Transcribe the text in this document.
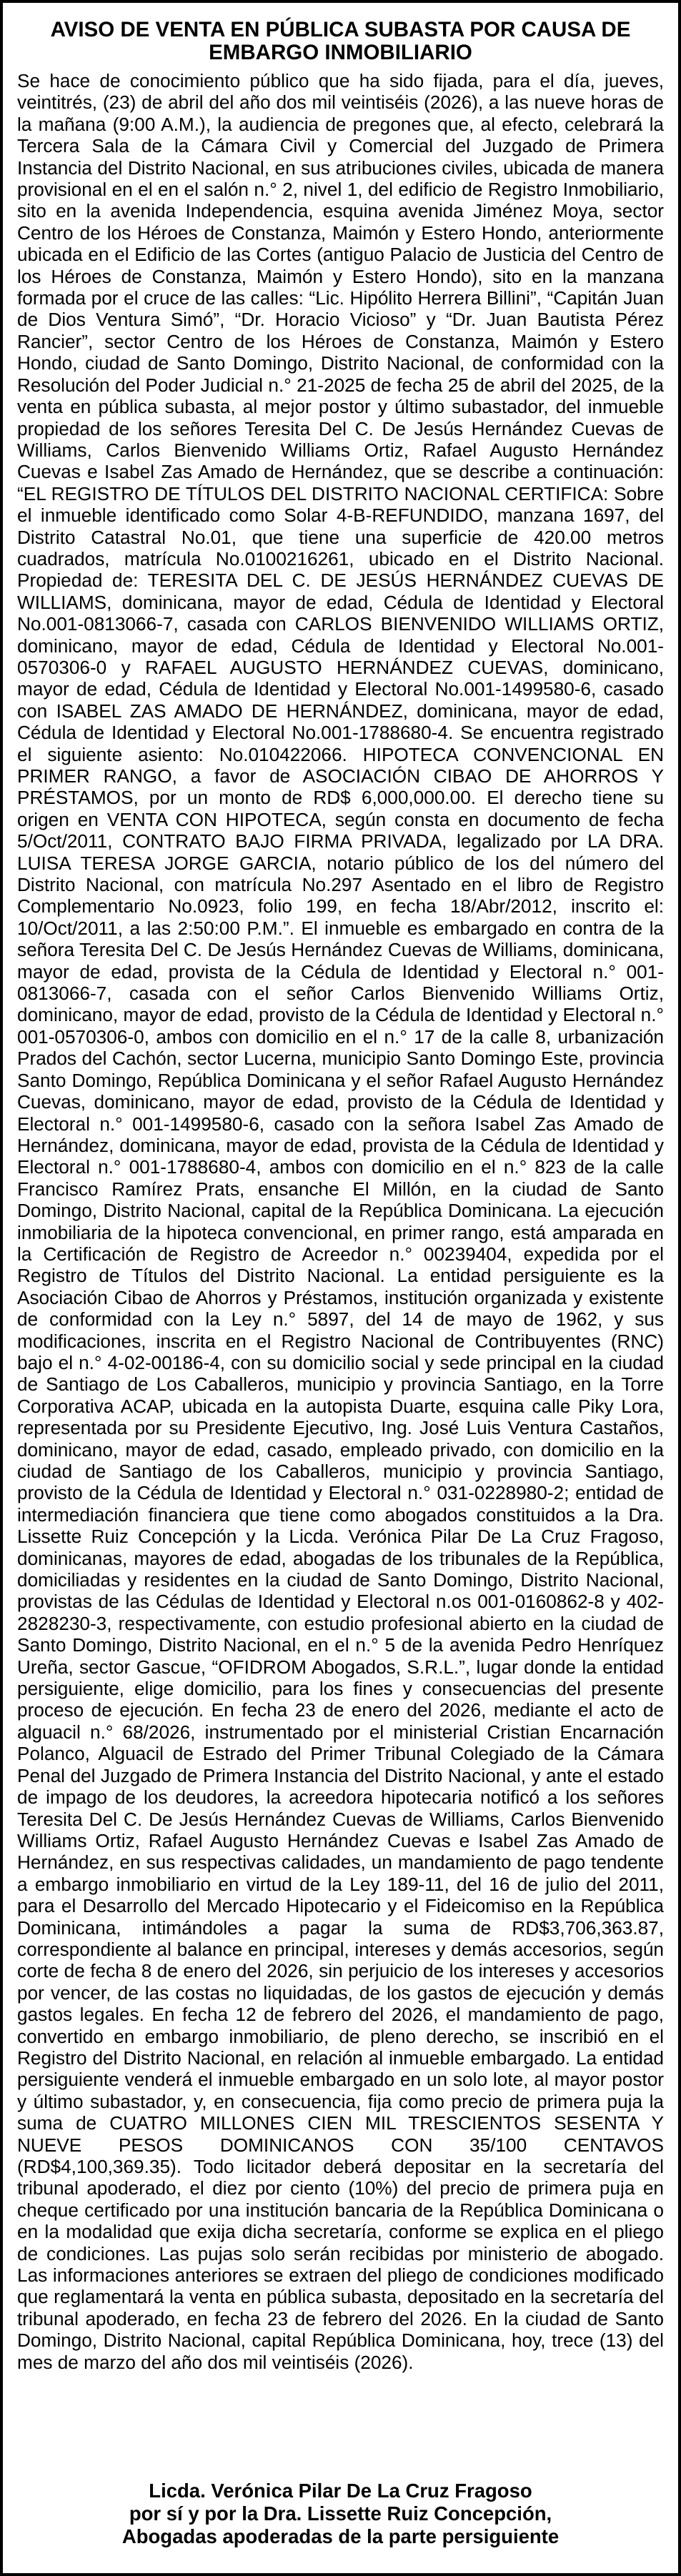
AVISO DE VENTA EN PÚBLICA SUBASTA POR CAUSA DE
EMBARGO INMOBILIARIO

Se hace de conocimiento público que ha sido fijada, para el día, jueves, veintitrés, (23) de abril del año dos mil veintiséis (2026), a las nueve horas de la mañana (9:00 A.M.), la audiencia de pregones que, al efecto, celebrará la Tercera Sala de la Cámara Civil y Comercial del Juzgado de Primera Instancia del Distrito Nacional, en sus atribuciones civiles, ubicada de manera provisional en el en el salón n.° 2, nivel 1, del edificio de Registro Inmobiliario, sito en la avenida Independencia, esquina avenida Jiménez Moya, sector Centro de los Héroes de Constanza, Maimón y Estero Hondo, anteriormente ubicada en el Edificio de las Cortes (antiguo Palacio de Justicia del Centro de los Héroes de Constanza, Maimón y Estero Hondo), sito en la manzana formada por el cruce de las calles: “Lic. Hipólito Herrera Billini”, “Capitán Juan de Dios Ventura Simó”, “Dr. Horacio Vicioso” y “Dr. Juan Bautista Pérez Rancier”, sector Centro de los Héroes de Constanza, Maimón y Estero Hondo, ciudad de Santo Domingo, Distrito Nacional, de conformidad con la Resolución del Poder Judicial n.° 21-2025 de fecha 25 de abril del 2025, de la venta en pública subasta, al mejor postor y último subastador, del inmueble propiedad de los señores Teresita Del C. De Jesús Hernández Cuevas de Williams, Carlos Bienvenido Williams Ortiz, Rafael Augusto Hernández Cuevas e Isabel Zas Amado de Hernández, que se describe a continuación: “EL REGISTRO DE TÍTULOS DEL DISTRITO NACIONAL CERTIFICA: Sobre el inmueble identificado como Solar 4-B-REFUNDIDO, manzana 1697, del Distrito Catastral No.01, que tiene una superficie de 420.00 metros cuadrados, matrícula No.0100216261, ubicado en el Distrito Nacional. Propiedad de: TERESITA DEL C. DE JESÚS HERNÁNDEZ CUEVAS DE WILLIAMS, dominicana, mayor de edad, Cédula de Identidad y Electoral No.001-0813066-7, casada con CARLOS BIENVENIDO WILLIAMS ORTIZ, dominicano, mayor de edad, Cédula de Identidad y Electoral No.001-0570306-0 y RAFAEL AUGUSTO HERNÁNDEZ CUEVAS, dominicano, mayor de edad, Cédula de Identidad y Electoral No.001-1499580-6, casado con ISABEL ZAS AMADO DE HERNÁNDEZ, dominicana, mayor de edad, Cédula de Identidad y Electoral No.001-1788680-4. Se encuentra registrado el siguiente asiento: No.010422066. HIPOTECA CONVENCIONAL EN PRIMER RANGO, a favor de ASOCIACIÓN CIBAO DE AHORROS Y PRÉSTAMOS, por un monto de RD$ 6,000,000.00. El derecho tiene su origen en VENTA CON HIPOTECA, según consta en documento de fecha 5/Oct/2011, CONTRATO BAJO FIRMA PRIVADA, legalizado por LA DRA. LUISA TERESA JORGE GARCIA, notario público de los del número del Distrito Nacional, con matrícula No.297 Asentado en el libro de Registro Complementario No.0923, folio 199, en fecha 18/Abr/2012, inscrito el: 10/Oct/2011, a las 2:50:00 P.M.”. El inmueble es embargado en contra de la señora Teresita Del C. De Jesús Hernández Cuevas de Williams, dominicana, mayor de edad, provista de la Cédula de Identidad y Electoral n.° 001-0813066-7, casada con el señor Carlos Bienvenido Williams Ortiz, dominicano, mayor de edad, provisto de la Cédula de Identidad y Electoral n.° 001-0570306-0, ambos con domicilio en el n.° 17 de la calle 8, urbanización Prados del Cachón, sector Lucerna, municipio Santo Domingo Este, provincia Santo Domingo, República Dominicana y el señor Rafael Augusto Hernández Cuevas, dominicano, mayor de edad, provisto de la Cédula de Identidad y Electoral n.° 001-1499580-6, casado con la señora Isabel Zas Amado de Hernández, dominicana, mayor de edad, provista de la Cédula de Identidad y Electoral n.° 001-1788680-4, ambos con domicilio en el n.° 823 de la calle Francisco Ramírez Prats, ensanche El Millón, en la ciudad de Santo Domingo, Distrito Nacional, capital de la República Dominicana. La ejecución inmobiliaria de la hipoteca convencional, en primer rango, está amparada en la Certificación de Registro de Acreedor n.° 00239404, expedida por el Registro de Títulos del Distrito Nacional. La entidad persiguiente es la Asociación Cibao de Ahorros y Préstamos, institución organizada y existente de conformidad con la Ley n.° 5897, del 14 de mayo de 1962, y sus modificaciones, inscrita en el Registro Nacional de Contribuyentes (RNC) bajo el n.° 4-02-00186-4, con su domicilio social y sede principal en la ciudad de Santiago de Los Caballeros, municipio y provincia Santiago, en la Torre Corporativa ACAP, ubicada en la autopista Duarte, esquina calle Piky Lora, representada por su Presidente Ejecutivo, Ing. José Luis Ventura Castaños, dominicano, mayor de edad, casado, empleado privado, con domicilio en la ciudad de Santiago de los Caballeros, municipio y provincia Santiago, provisto de la Cédula de Identidad y Electoral n.° 031-0228980-2; entidad de intermediación financiera que tiene como abogados constituidos a la Dra. Lissette Ruiz Concepción y la Licda. Verónica Pilar De La Cruz Fragoso, dominicanas, mayores de edad, abogadas de los tribunales de la República, domiciliadas y residentes en la ciudad de Santo Domingo, Distrito Nacional, provistas de las Cédulas de Identidad y Electoral n.os 001-0160862-8 y 402-2828230-3, respectivamente, con estudio profesional abierto en la ciudad de Santo Domingo, Distrito Nacional, en el n.° 5 de la avenida Pedro Henríquez Ureña, sector Gascue, “OFIDROM Abogados, S.R.L.”, lugar donde la entidad persiguiente, elige domicilio, para los fines y consecuencias del presente proceso de ejecución. En fecha 23 de enero del 2026, mediante el acto de alguacil n.° 68/2026, instrumentado por el ministerial Cristian Encarnación Polanco, Alguacil de Estrado del Primer Tribunal Colegiado de la Cámara Penal del Juzgado de Primera Instancia del Distrito Nacional, y ante el estado de impago de los deudores, la acreedora hipotecaria notificó a los señores Teresita Del C. De Jesús Hernández Cuevas de Williams, Carlos Bienvenido Williams Ortiz, Rafael Augusto Hernández Cuevas e Isabel Zas Amado de Hernández, en sus respectivas calidades, un mandamiento de pago tendente a embargo inmobiliario en virtud de la Ley 189-11, del 16 de julio del 2011, para el Desarrollo del Mercado Hipotecario y el Fideicomiso en la República Dominicana, intimándoles a pagar la suma de RD$3,706,363.87, correspondiente al balance en principal, intereses y demás accesorios, según corte de fecha 8 de enero del 2026, sin perjuicio de los intereses y accesorios por vencer, de las costas no liquidadas, de los gastos de ejecución y demás gastos legales. En fecha 12 de febrero del 2026, el mandamiento de pago, convertido en embargo inmobiliario, de pleno derecho, se inscribió en el Registro del Distrito Nacional, en relación al inmueble embargado. La entidad persiguiente venderá el inmueble embargado en un solo lote, al mayor postor y último subastador, y, en consecuencia, fija como precio de primera puja la suma de CUATRO MILLONES CIEN MIL TRESCIENTOS SESENTA Y NUEVE PESOS DOMINICANOS CON 35/100 CENTAVOS (RD$4,100,369.35). Todo licitador deberá depositar en la secretaría del tribunal apoderado, el diez por ciento (10%) del precio de primera puja en cheque certificado por una institución bancaria de la República Dominicana o en la modalidad que exija dicha secretaría, conforme se explica en el pliego de condiciones. Las pujas solo serán recibidas por ministerio de abogado. Las informaciones anteriores se extraen del pliego de condiciones modificado que reglamentará la venta en pública subasta, depositado en la secretaría del tribunal apoderado, en fecha 23 de febrero del 2026. En la ciudad de Santo Domingo, Distrito Nacional, capital República Dominicana, hoy, trece (13) del mes de marzo del año dos mil veintiséis (2026).

Licda. Verónica Pilar De La Cruz Fragoso
por sí y por la Dra. Lissette Ruiz Concepción,
Abogadas apoderadas de la parte persiguiente
